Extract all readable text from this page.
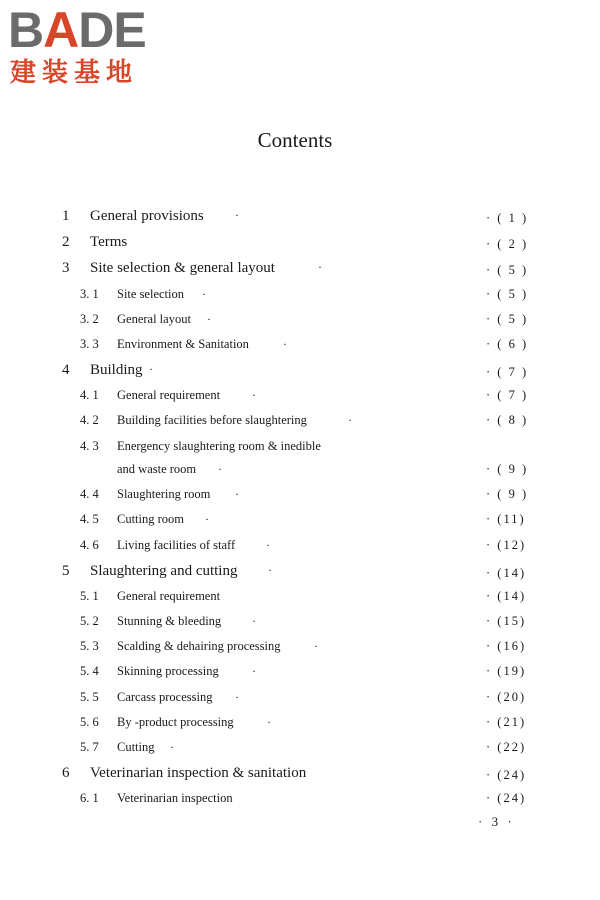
BADE
建装基地
Contents
1 General provisions	·	· ( 1 )
2 Terms	· ( 2 )
3 Site selection & general layout	·	· ( 5 )
3. 1 Site selection ·	· ( 5 )
3. 2 General layout ·	· ( 5 )
3. 3 Environment & Sanitation	·	· ( 6 )
4 Building ·	· ( 7 )
4. 1 General requirement	·	· ( 7 )
4. 2 Building facilities before slaughtering	·	· ( 8 )
4. 3 Energency slaughtering room & inedible
and waste room ·	· ( 9 )
4. 4 Slaughtering room ·	· ( 9 )
4. 5 Cutting room ·	· (11)
4. 6 Living facilities of staff	·	· (12)
5 Slaughtering and cutting	·	· (14)
5. 1 General requirement	· (14)
5. 2 Stunning & bleeding	·	· (15)
5. 3 Scalding & dehairing processing	·	· (16)
5. 4 Skinning processing	·	· (19)
5. 5 Carcass processing ·	· (20)
5. 6 By -product processing	·	· (21)
5. 7 Cutting ·	· (22)
6 Veterinarian inspection & sanitation	· (24)
6. 1 Veterinarian inspection	· (24)
· 3 ·
